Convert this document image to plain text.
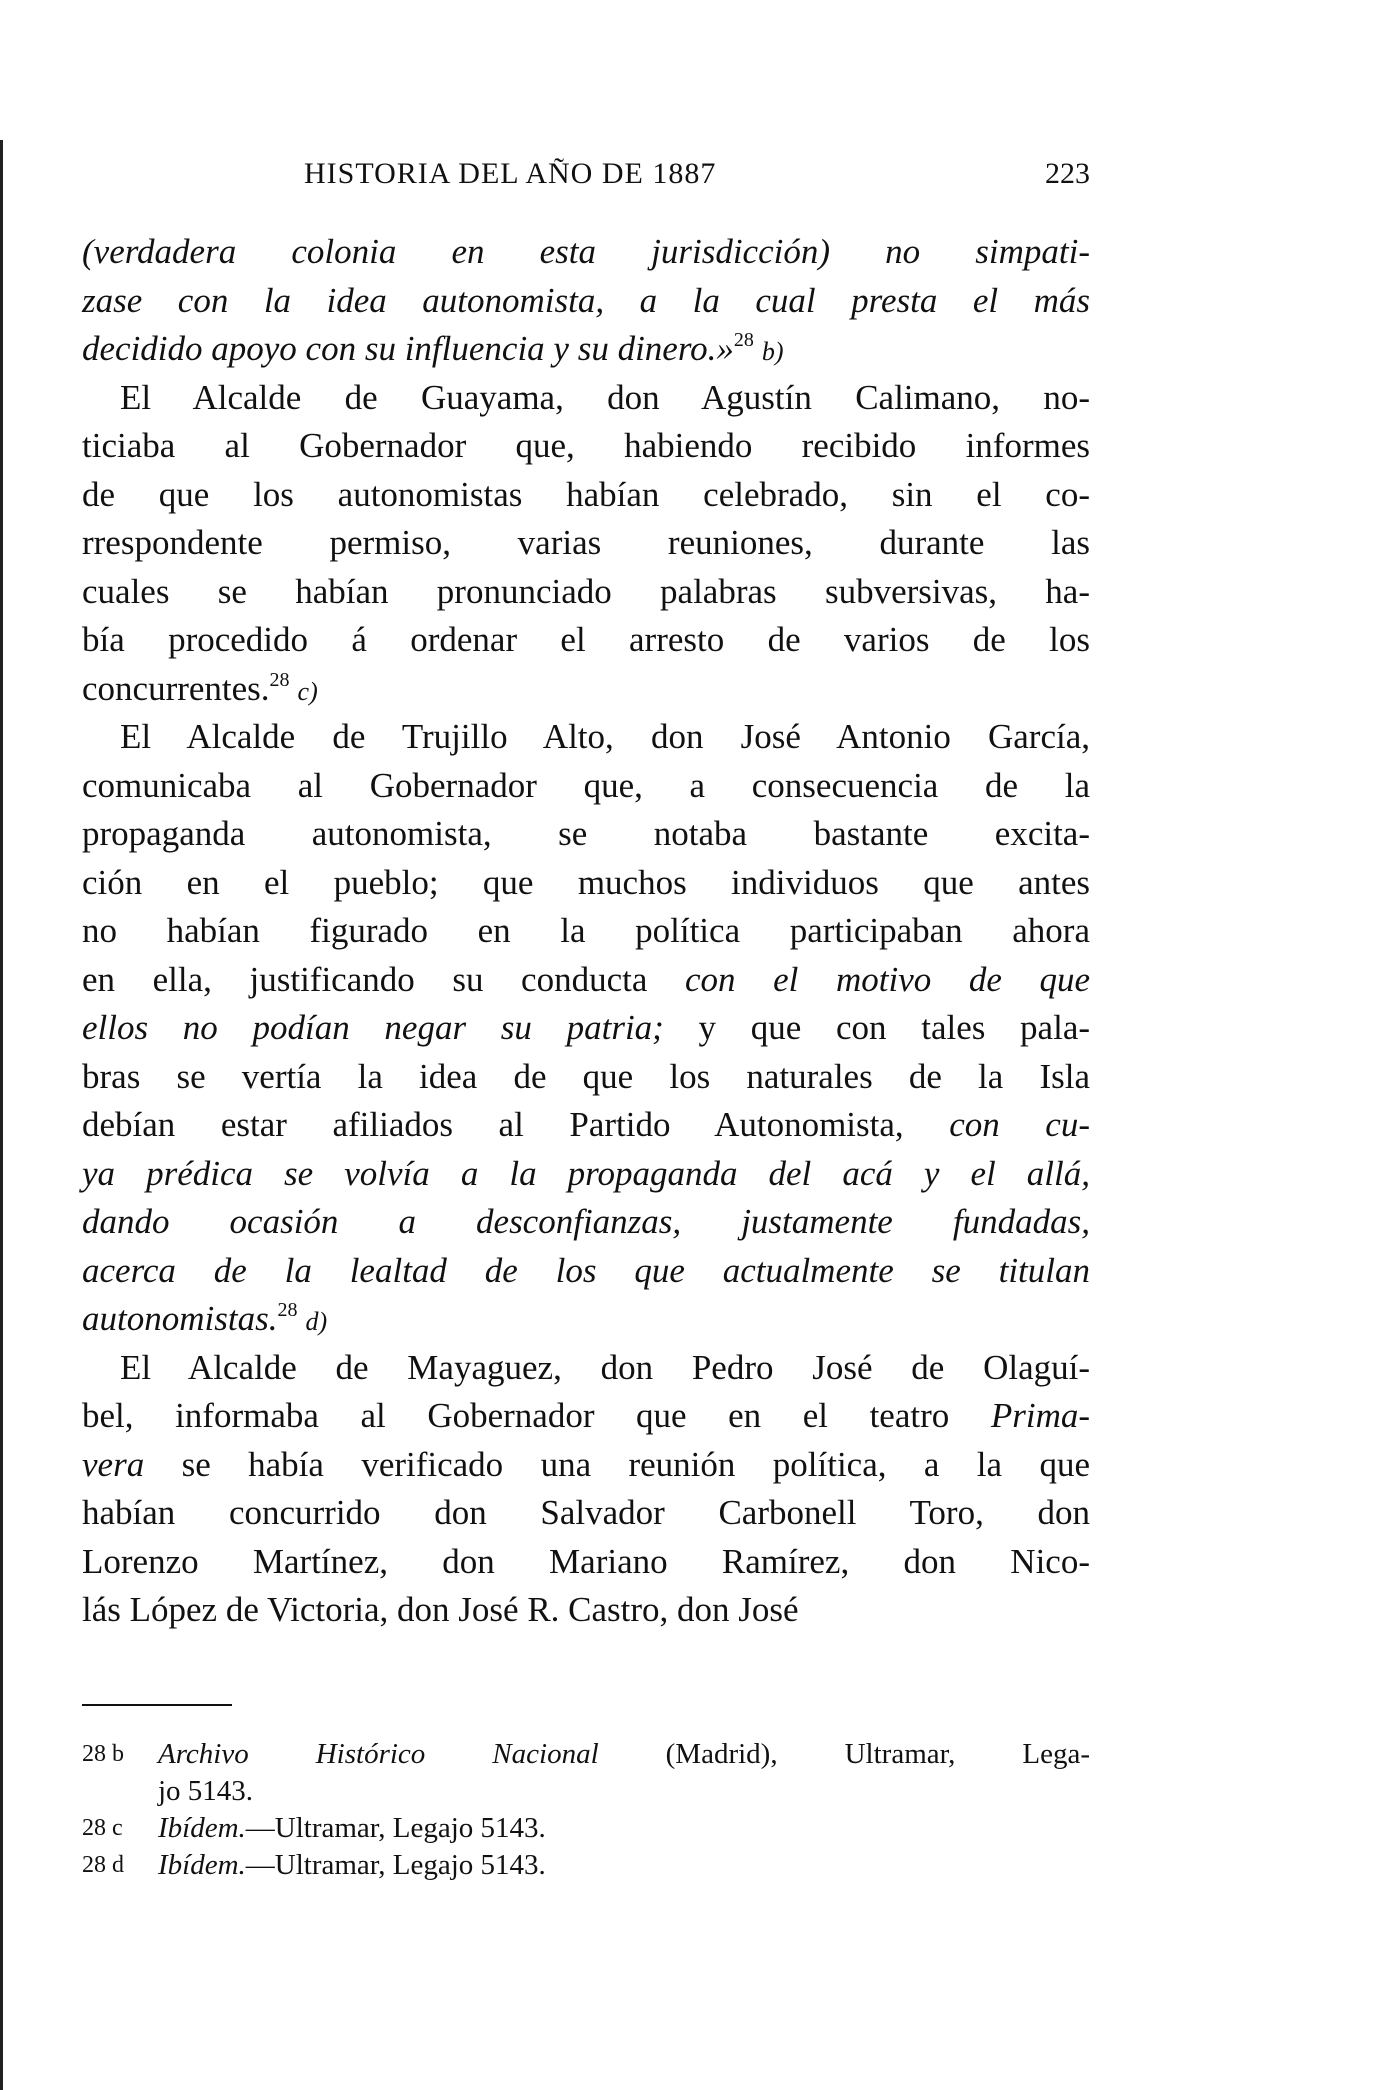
HISTORIA DEL AÑO DE 1887	223
(verdadera colonia en esta jurisdicción) no simpati-
zase con la idea autonomista, a la cual presta el más
decidido apoyo con su influencia y su dinero.»$^{28}$ b)
El Alcalde de Guayama, don Agustín Calimano, no-
ticiaba al Gobernador que, habiendo recibido informes
de que los autonomistas habían celebrado, sin el co-
rrespondente permiso, varias reuniones, durante las
cuales se habían pronunciado palabras subversivas, ha-
bía procedido á ordenar el arresto de varios de los
concurrentes.$^{28}$ c)
El Alcalde de Trujillo Alto, don José Antonio García,
comunicaba al Gobernador que, a consecuencia de la
propaganda autonomista, se notaba bastante excita-
ción en el pueblo; que muchos individuos que antes
no habían figurado en la política participaban ahora
en ella, justificando su conducta con el motivo de que
ellos no podían negar su patria; y que con tales pala-
bras se vertía la idea de que los naturales de la Isla
debían estar afiliados al Partido Autonomista, con cu-
ya prédica se volvía a la propaganda del acá y el allá,
dando ocasión a desconfianzas, justamente fundadas,
acerca de la lealtad de los que actualmente se titulan
autonomistas.$^{28}$ d)
El Alcalde de Mayaguez, don Pedro José de Olaguí-
bel, informaba al Gobernador que en el teatro Prima-
vera se había verificado una reunión política, a la que
habían concurrido don Salvador Carbonell Toro, don
Lorenzo Martínez, don Mariano Ramírez, don Nico-
lás López de Victoria, don José R. Castro, don José
28 b Archivo Histórico Nacional (Madrid), Ultramar, Lega-
jo 5143.
28 c Ibídem.—Ultramar, Legajo 5143.
28 d Ibídem.—Ultramar, Legajo 5143.
